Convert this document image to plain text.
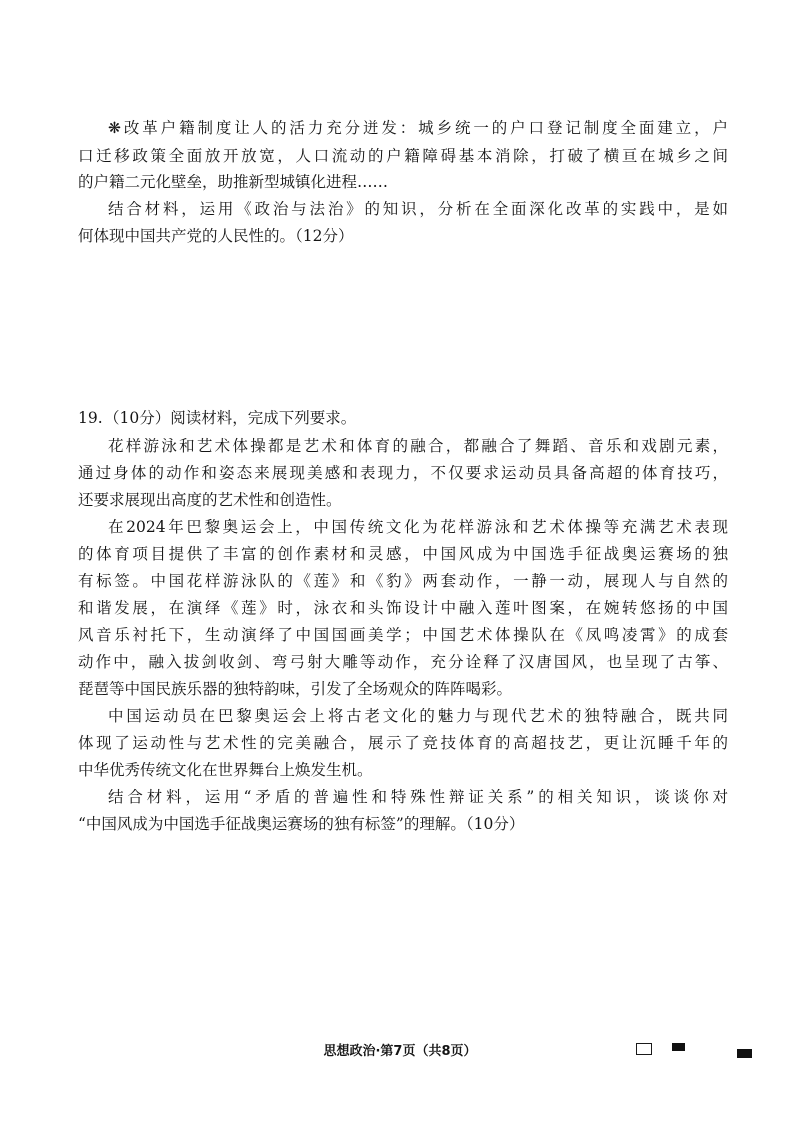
❋改革户籍制度让人的活力充分迸发：城乡统一的户口登记制度全面建立，户
口迁移政策全面放开放宽，人口流动的户籍障碍基本消除，打破了横亘在城乡之间
的户籍二元化壁垒，助推新型城镇化进程……
结合材料，运用《政治与法治》的知识，分析在全面深化改革的实践中，是如
何体现中国共产党的人民性的。（12分）
19. （10分）阅读材料，完成下列要求。
花样游泳和艺术体操都是艺术和体育的融合，都融合了舞蹈、音乐和戏剧元素，
通过身体的动作和姿态来展现美感和表现力，不仅要求运动员具备高超的体育技巧，
还要求展现出高度的艺术性和创造性。
在2024年巴黎奥运会上，中国传统文化为花样游泳和艺术体操等充满艺术表现
的体育项目提供了丰富的创作素材和灵感，中国风成为中国选手征战奥运赛场的独
有标签。中国花样游泳队的《莲》和《豹》两套动作，一静一动，展现人与自然的
和谐发展，在演绎《莲》时，泳衣和头饰设计中融入莲叶图案，在婉转悠扬的中国
风音乐衬托下，生动演绎了中国国画美学；中国艺术体操队在《凤鸣凌霄》的成套
动作中，融入拔剑收剑、弯弓射大雕等动作，充分诠释了汉唐国风，也呈现了古筝、
琵琶等中国民族乐器的独特韵味，引发了全场观众的阵阵喝彩。
中国运动员在巴黎奥运会上将古老文化的魅力与现代艺术的独特融合，既共同
体现了运动性与艺术性的完美融合，展示了竞技体育的高超技艺，更让沉睡千年的
中华优秀传统文化在世界舞台上焕发生机。
结合材料，运用“矛盾的普遍性和特殊性辩证关系”的相关知识，谈谈你对
“中国风成为中国选手征战奥运赛场的独有标签”的理解。（10分）
思想政治·第7页（共8页）
